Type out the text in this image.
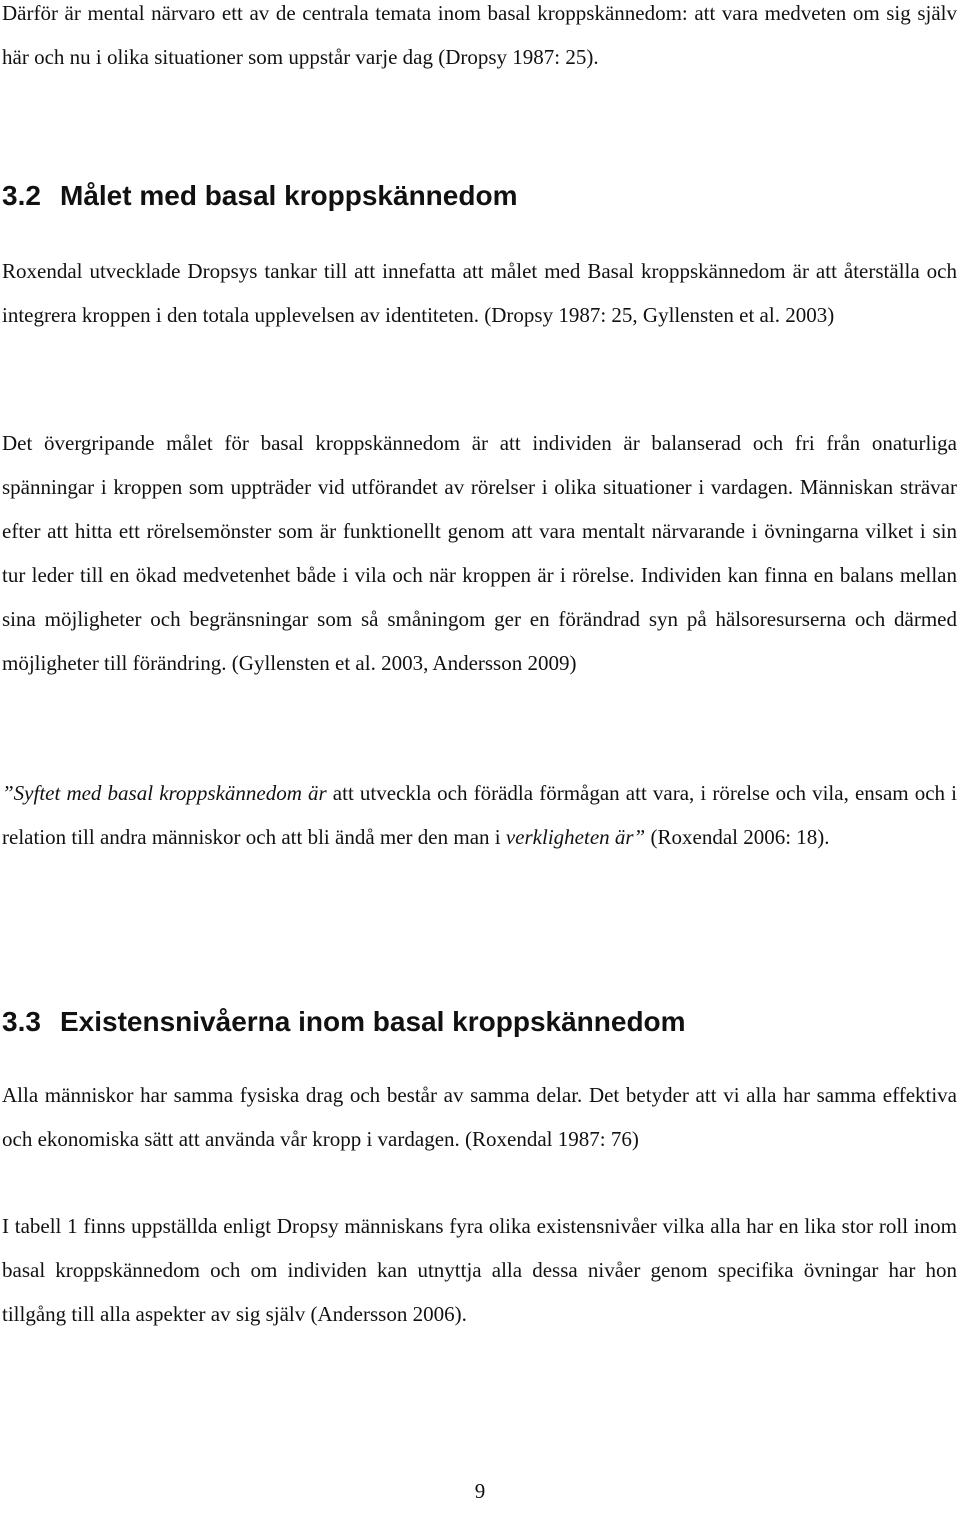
Därför är mental närvaro ett av de centrala temata inom basal kroppskännedom: att vara medveten om sig själv här och nu i olika situationer som uppstår varje dag (Dropsy 1987: 25).

3.2 Målet med basal kroppskännedom

Roxendal utvecklade Dropsys tankar till att innefatta att målet med Basal kroppskännedom är att återställa och integrera kroppen i den totala upplevelsen av identiteten. (Dropsy 1987: 25, Gyllensten et al. 2003)

Det övergripande målet för basal kroppskännedom är att individen är balanserad och fri från onaturliga spänningar i kroppen som uppträder vid utförandet av rörelser i olika situationer i vardagen. Människan strävar efter att hitta ett rörelsemönster som är funktionellt genom att vara mentalt närvarande i övningarna vilket i sin tur leder till en ökad medvetenhet både i vila och när kroppen är i rörelse. Individen kan finna en balans mellan sina möjligheter och begränsningar som så småningom ger en förändrad syn på hälsoresurserna och därmed möjligheter till förändring. (Gyllensten et al. 2003, Andersson 2009)

”Syftet med basal kroppskännedom är att utveckla och förädla förmågan att vara, i rörelse och vila, ensam och i relation till andra människor och att bli ändå mer den man i verkligheten är” (Roxendal 2006: 18).

3.3 Existensnivåerna inom basal kroppskännedom

Alla människor har samma fysiska drag och består av samma delar. Det betyder att vi alla har samma effektiva och ekonomiska sätt att använda vår kropp i vardagen. (Roxendal 1987: 76)

I tabell 1 finns uppställda enligt Dropsy människans fyra olika existensnivåer vilka alla har en lika stor roll inom basal kroppskännedom och om individen kan utnyttja alla dessa nivåer genom specifika övningar har hon tillgång till alla aspekter av sig själv (Andersson 2006).

9
